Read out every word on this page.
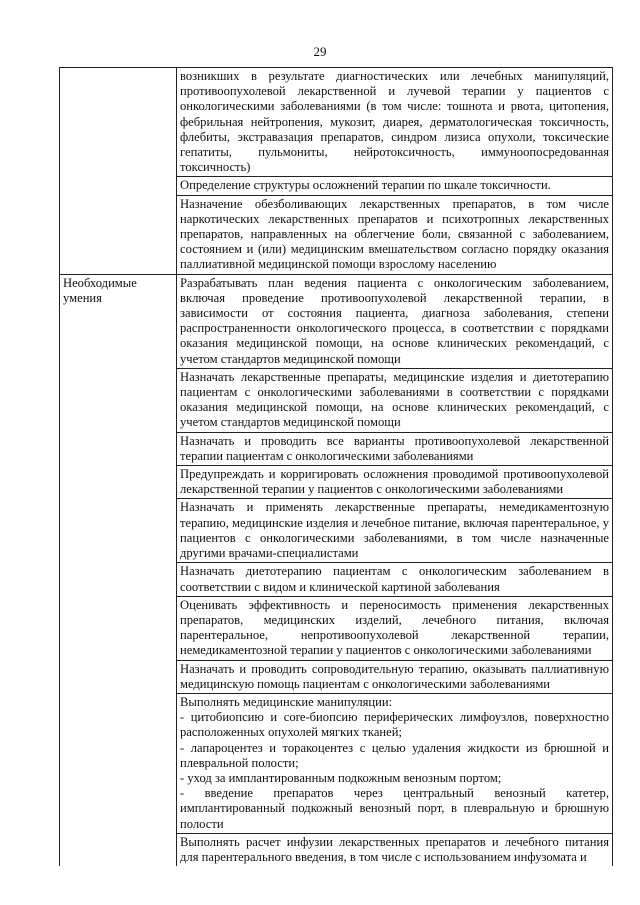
29
	возникших в результате диагностических или лечебных манипуляций, противоопухолевой лекарственной и лучевой терапии у пациентов с онкологическими заболеваниями (в том числе: тошнота и рвота, цитопения, фебрильная нейтропения, мукозит, диарея, дерматологическая токсичность, флебиты, экстравазация препаратов, синдром лизиса опухоли, токсические гепатиты, пульмониты, нейротоксичность, иммуноопосредованная токсичность)
	Определение структуры осложнений терапии по шкале токсичности.
	Назначение обезболивающих лекарственных препаратов, в том числе наркотических лекарственных препаратов и психотропных лекарственных препаратов, направленных на облегчение боли, связанной с заболеванием, состоянием и (или) медицинским вмешательством согласно порядку оказания паллиативной медицинской помощи взрослому населению
Необходимые умения	Разрабатывать план ведения пациента с онкологическим заболеванием, включая проведение противоопухолевой лекарственной терапии, в зависимости от состояния пациента, диагноза заболевания, степени распространенности онкологического процесса, в соответствии с порядками оказания медицинской помощи, на основе клинических рекомендаций, с учетом стандартов медицинской помощи
	Назначать лекарственные препараты, медицинские изделия и диетотерапию пациентам с онкологическими заболеваниями в соответствии с порядками оказания медицинской помощи, на основе клинических рекомендаций, с учетом стандартов медицинской помощи
	Назначать и проводить все варианты противоопухолевой лекарственной терапии пациентам с онкологическими заболеваниями
	Предупреждать и корригировать осложнения проводимой противоопухолевой лекарственной терапии у пациентов с онкологическими заболеваниями
	Назначать и применять лекарственные препараты, немедикаментозную терапию, медицинские изделия и лечебное питание, включая парентеральное, у пациентов с онкологическими заболеваниями, в том числе назначенные другими врачами-специалистами
	Назначать диетотерапию пациентам с онкологическим заболеванием в соответствии с видом и клинической картиной заболевания
	Оценивать эффективность и переносимость применения лекарственных препаратов, медицинских изделий, лечебного питания, включая парентеральное, непротивоопухолевой лекарственной терапии, немедикаментозной терапии у пациентов с онкологическими заболеваниями
	Назначать и проводить сопроводительную терапию, оказывать паллиативную медицинскую помощь пациентам с онкологическими заболеваниями

	Выполнять медицинские манипуляции:
- цитобиопсию и core-биопсию периферических лимфоузлов, поверхностно расположенных опухолей мягких тканей;
- лапароцентез и торакоцентез с целью удаления жидкости из брюшной и плевральной полости;
- уход за имплантированным подкожным венозным портом;
- введение препаратов через центральный венозный катетер, имплантированный подкожный венозный порт, в плевральную и брюшную полости

	Выполнять расчет инфузии лекарственных препаратов и лечебного питания для парентерального введения, в том числе с использованием инфузомата и
